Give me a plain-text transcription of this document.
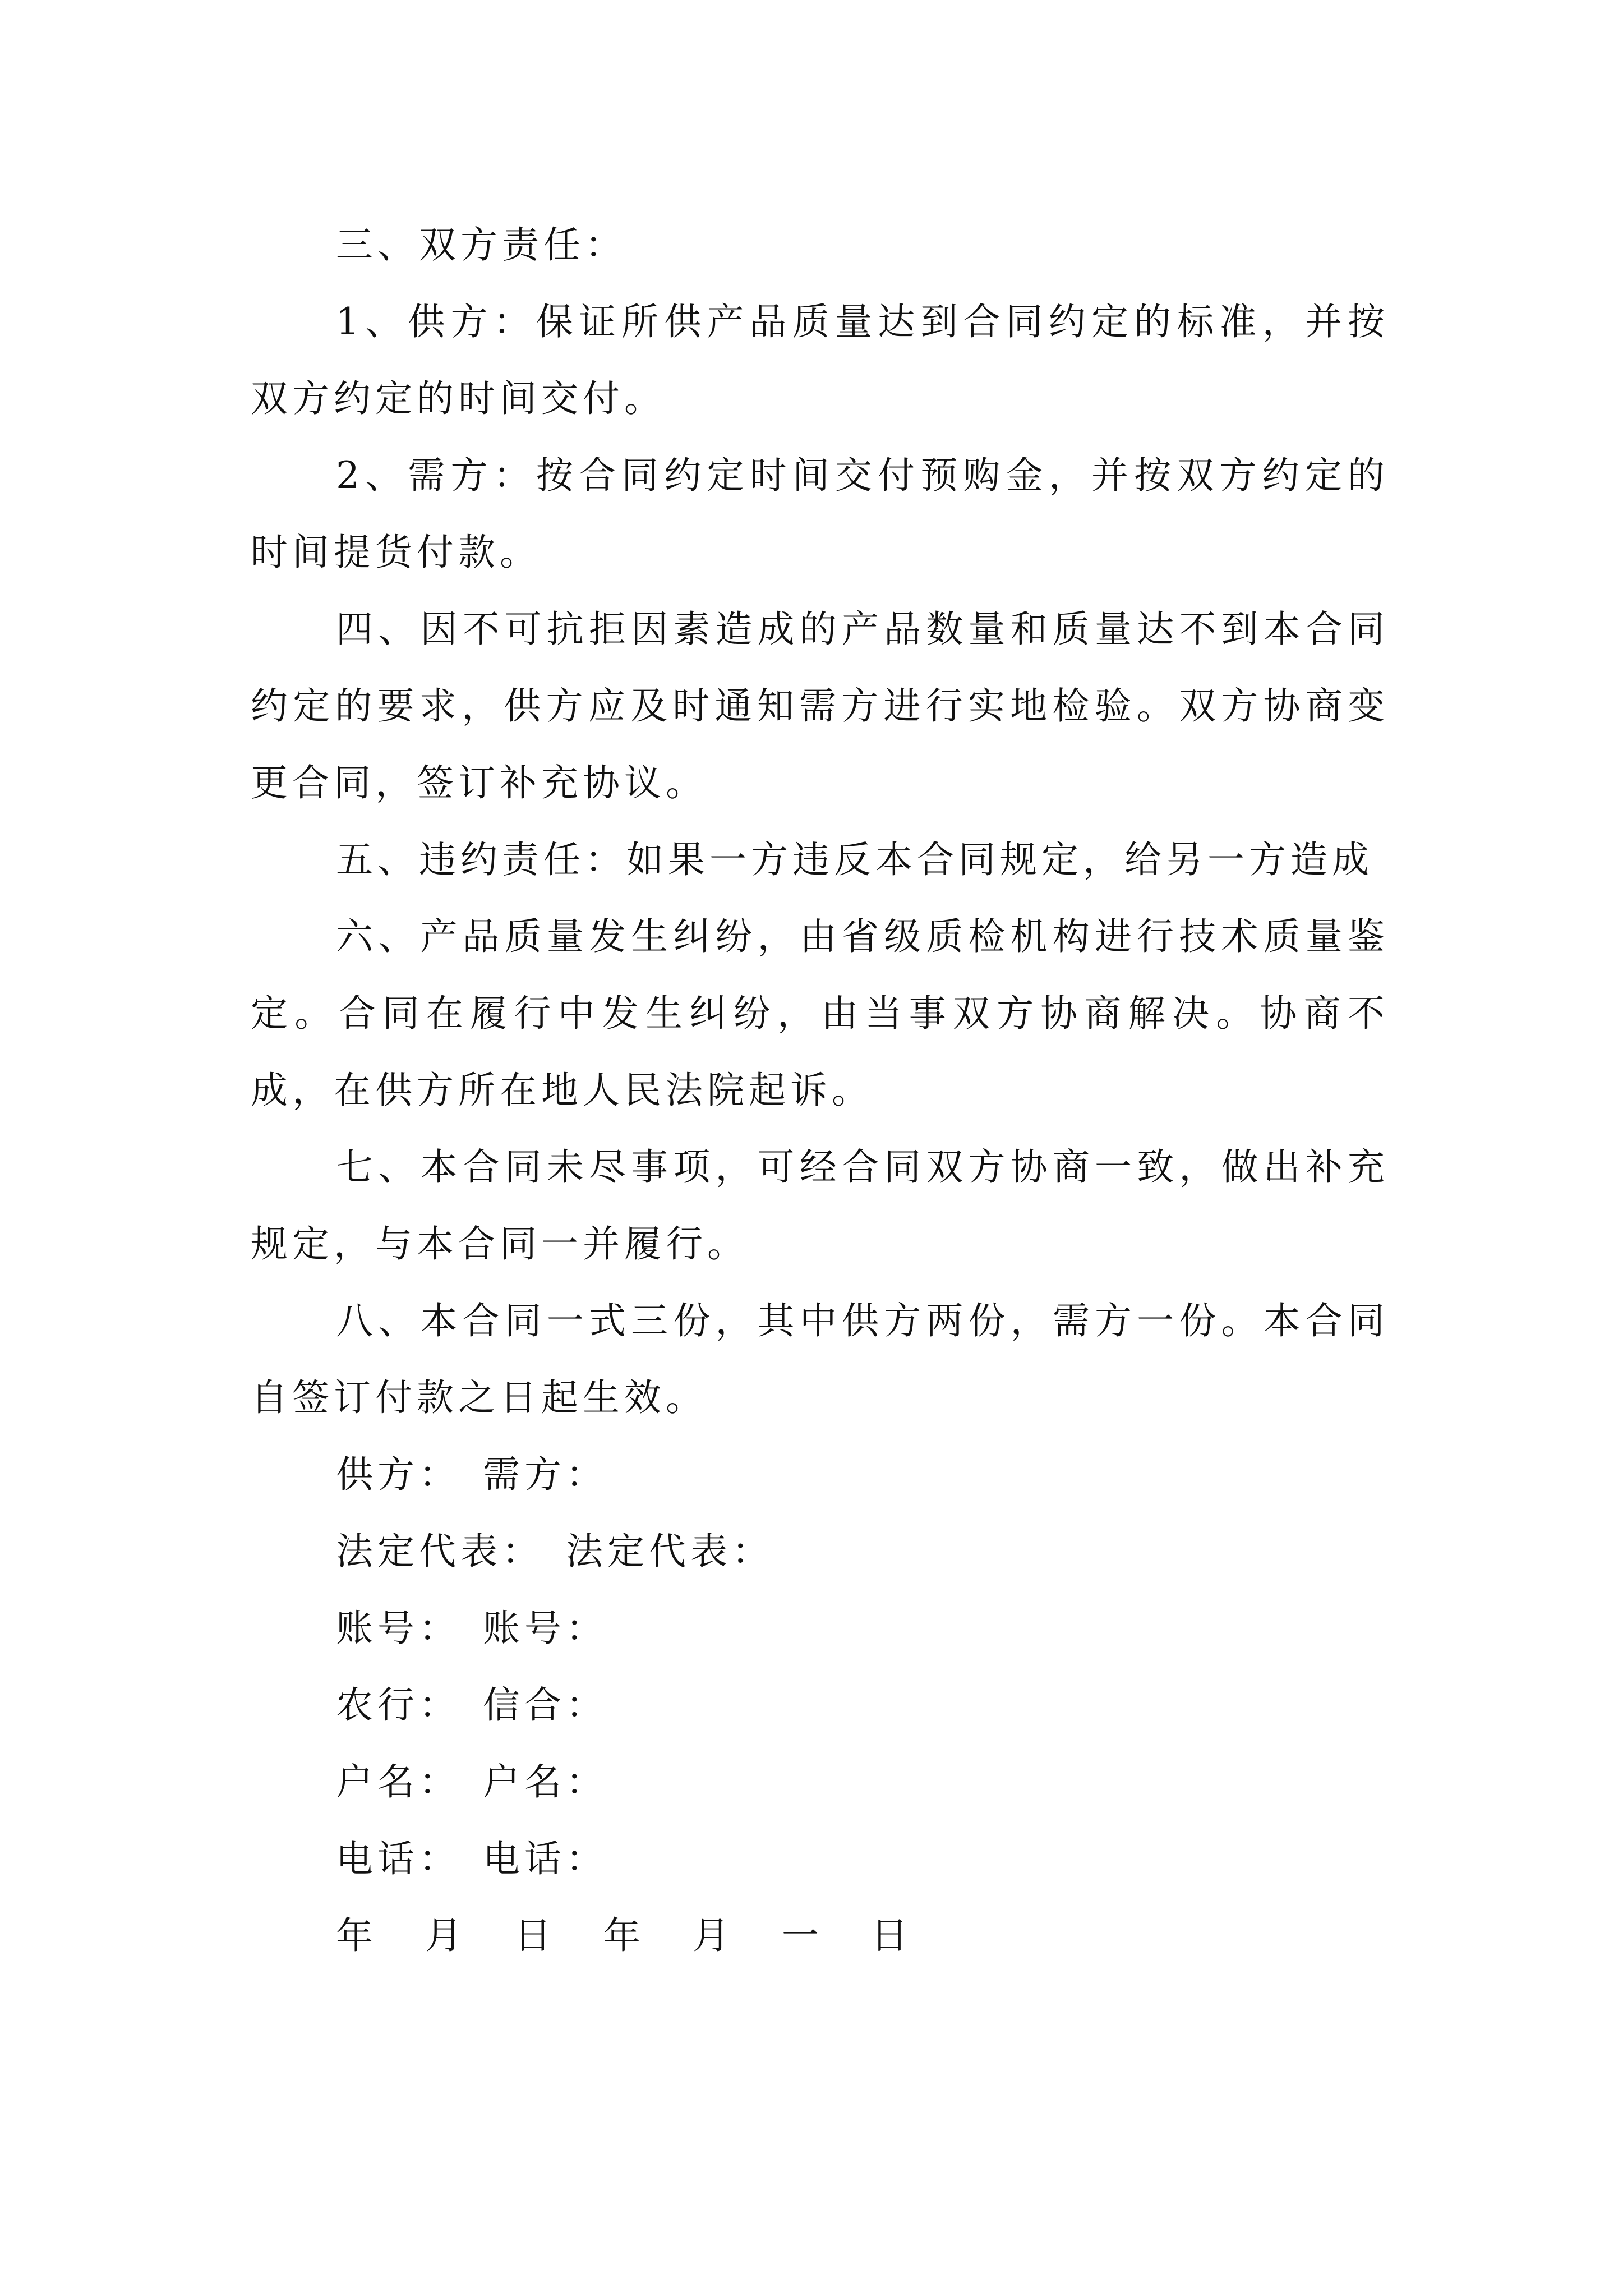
三、双方责任：

1、供方：保证所供产品质量达到合同约定的标准，并按双方约定的时间交付。

2、需方：按合同约定时间交付预购金，并按双方约定的时间提货付款。

四、因不可抗拒因素造成的产品数量和质量达不到本合同约定的要求，供方应及时通知需方进行实地检验。双方协商变更合同，签订补充协议。

五、违约责任：如果一方违反本合同规定，给另一方造成

六、产品质量发生纠纷，由省级质检机构进行技术质量鉴定。合同在履行中发生纠纷，由当事双方协商解决。协商不成，在供方所在地人民法院起诉。

七、本合同未尽事项，可经合同双方协商一致，做出补充规定，与本合同一并履行。

八、本合同一式三份，其中供方两份，需方一份。本合同自签订付款之日起生效。

供方： 需方：

法定代表： 法定代表：

账号： 账号：

农行： 信合：

户名： 户名：

电话： 电话：

年 月 日 年 月 一 日
